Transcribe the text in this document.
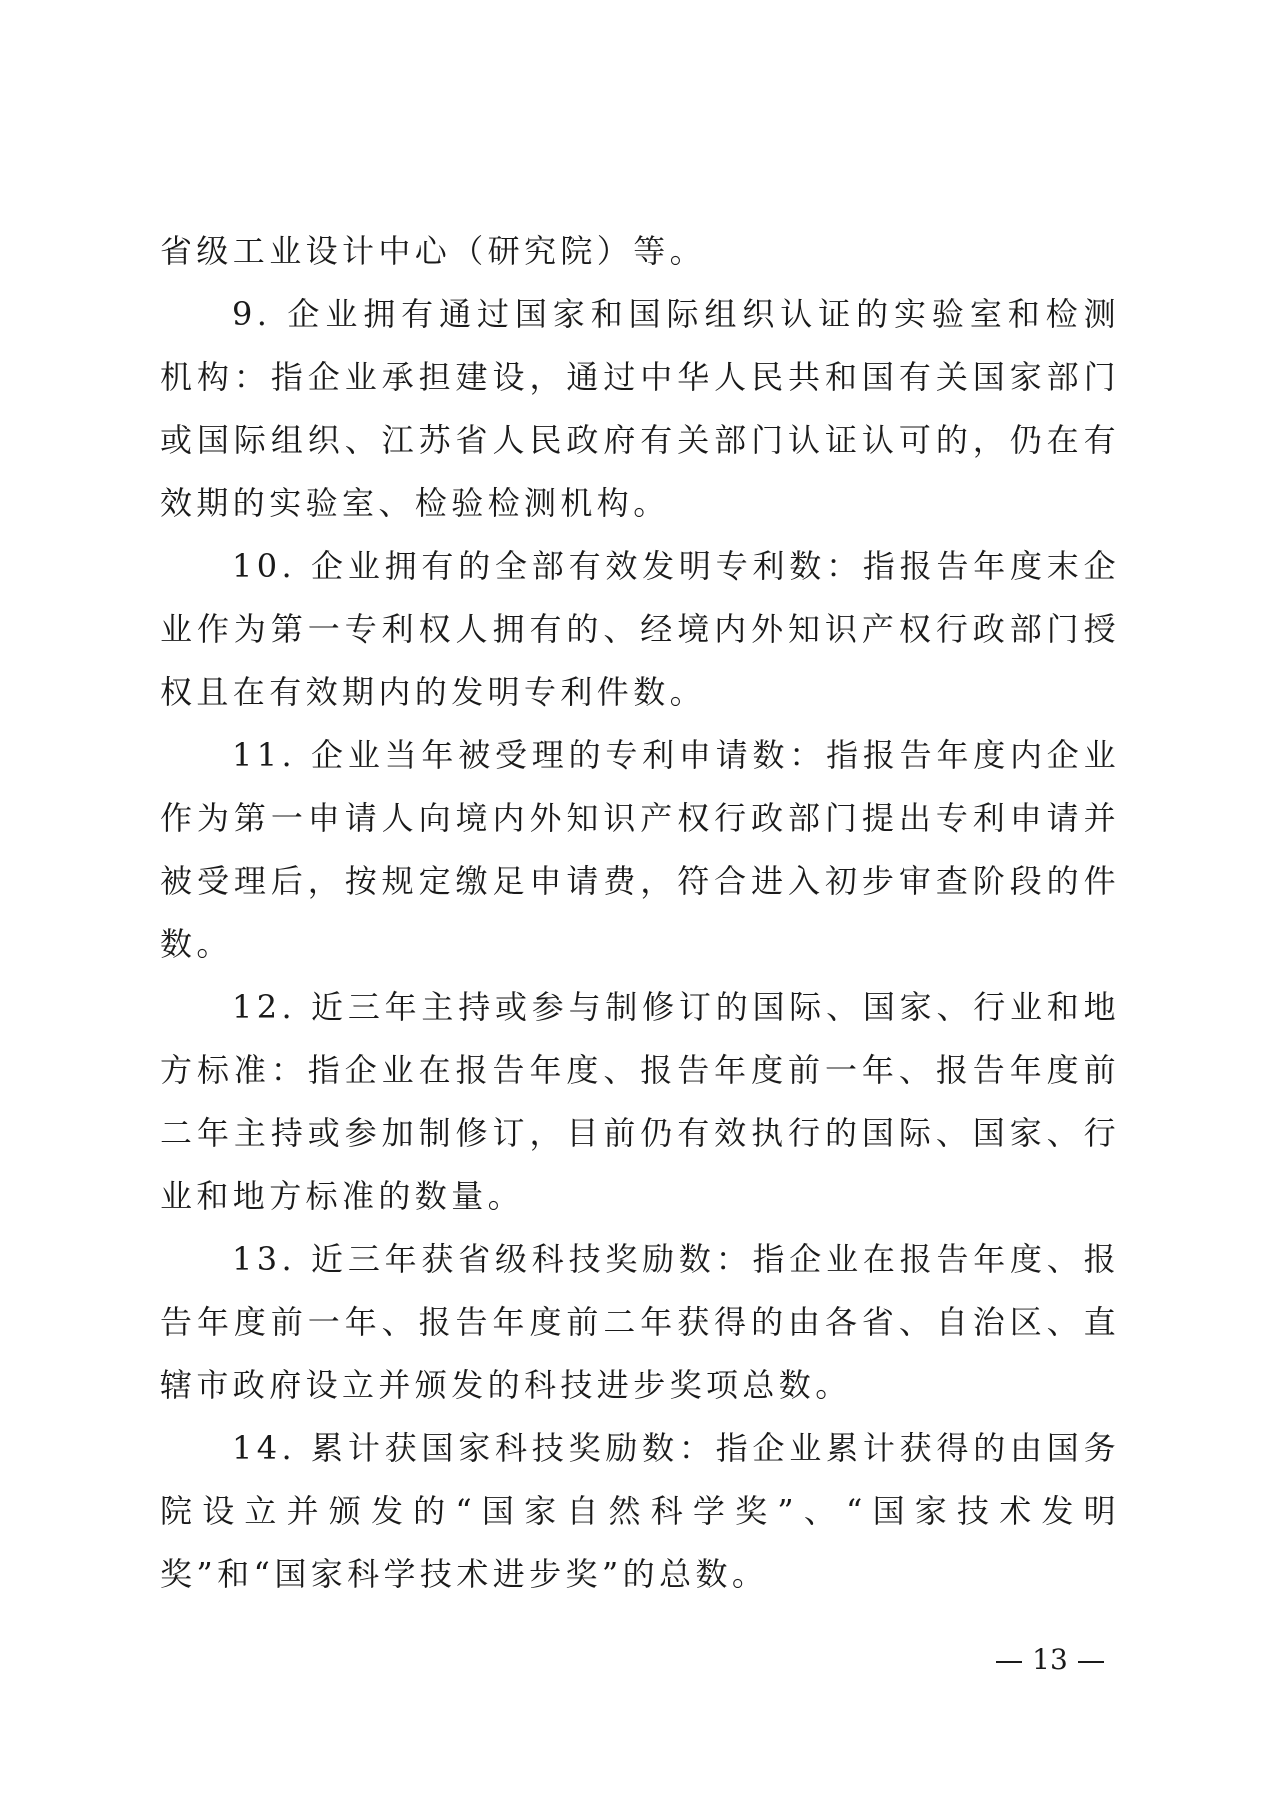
省级工业设计中心（研究院）等。

9. 企业拥有通过国家和国际组织认证的实验室和检测机构：指企业承担建设，通过中华人民共和国有关国家部门或国际组织、江苏省人民政府有关部门认证认可的，仍在有效期的实验室、检验检测机构。

10. 企业拥有的全部有效发明专利数：指报告年度末企业作为第一专利权人拥有的、经境内外知识产权行政部门授权且在有效期内的发明专利件数。

11. 企业当年被受理的专利申请数：指报告年度内企业作为第一申请人向境内外知识产权行政部门提出专利申请并被受理后，按规定缴足申请费，符合进入初步审查阶段的件数。

12. 近三年主持或参与制修订的国际、国家、行业和地方标准：指企业在报告年度、报告年度前一年、报告年度前二年主持或参加制修订，目前仍有效执行的国际、国家、行业和地方标准的数量。

13. 近三年获省级科技奖励数：指企业在报告年度、报告年度前一年、报告年度前二年获得的由各省、自治区、直辖市政府设立并颁发的科技进步奖项总数。

14. 累计获国家科技奖励数：指企业累计获得的由国务院设立并颁发的“国家自然科学奖”、“国家技术发明奖”和“国家科学技术进步奖”的总数。

13
